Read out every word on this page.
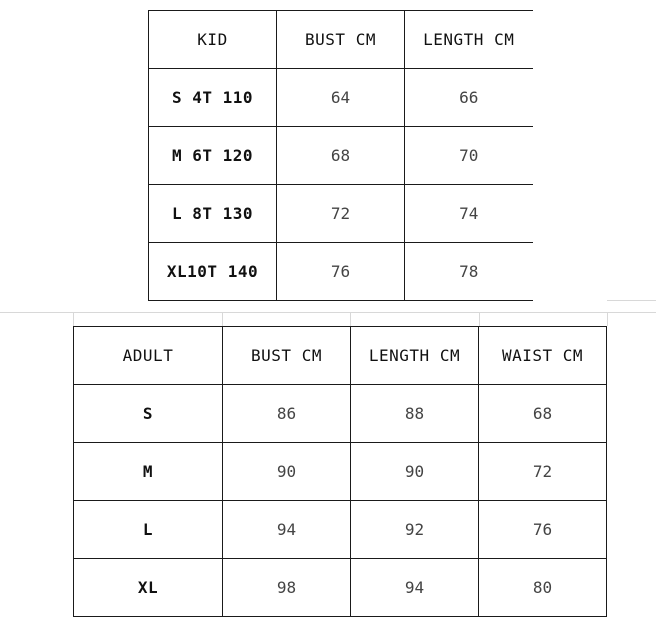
KID	BUST CM	LENGTH CM
S 4T 110	64	66
M 6T 120	68	70
L 8T 130	72	74
XL10T 140	76	78
ADULT	BUST CM	LENGTH CM	WAIST CM
S	86	88	68
M	90	90	72
L	94	92	76
XL	98	94	80
